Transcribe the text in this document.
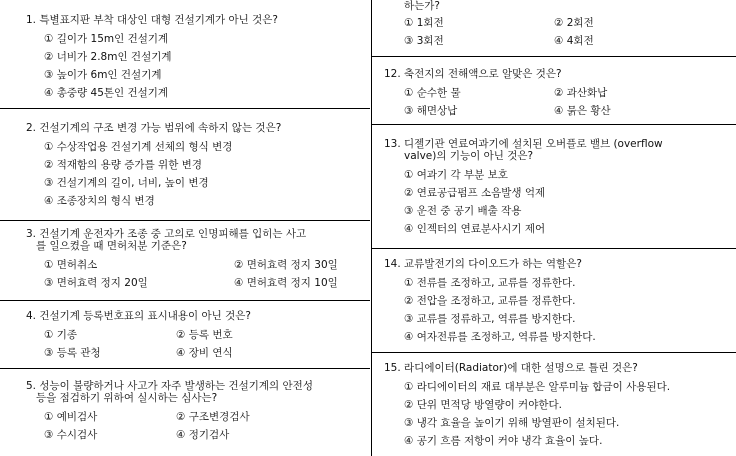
1. 특별표지판 부착 대상인 대형 건설기계가 아닌 것은?

① 길이가 15m인 건설기계
② 너비가 2.8m인 건설기계
③ 높이가 6m인 건설기계
④ 총중량 45톤인 건설기계

2. 건설기계의 구조 변경 가능 범위에 속하지 않는 것은?

① 수상작업용 건설기계 선체의 형식 변경
② 적재함의 용량 증가를 위한 변경
③ 건설기계의 길이, 너비, 높이 변경
④ 조종장치의 형식 변경

3. 건설기계 운전자가 조종 중 고의로 인명피해를 입히는 사고

를 일으켰을 때 면허처분 기준은?

① 면허취소	② 면허효력 정지 30일
③ 면허효력 정지 20일	④ 면허효력 정지 10일

4. 건설기계 등록번호표의 표시내용이 아닌 것은?

① 기종	② 등록 번호
③ 등록 관청	④ 장비 연식

5. 성능이 불량하거나 사고가 자주 발생하는 건설기계의 안전성

등을 점검하기 위하여 실시하는 심사는?

① 예비검사	② 구조변경검사
③ 수시검사	④ 정기검사

하는가?

① 1회전	② 2회전
③ 3회전	④ 4회전

12. 축전지의 전해액으로 알맞은 것은?

① 순수한 물	② 과산화납
③ 해면상납	④ 묽은 황산

13. 디젤기관 연료여과기에 설치된 오버플로 밸브 (overflow

valve)의 기능이 아닌 것은?

① 여과기 각 부분 보호
② 연료공급펌프 소음발생 억제
③ 운전 중 공기 배출 작용
④ 인젝터의 연료분사시기 제어

14. 교류발전기의 다이오드가 하는 역할은?

① 전류를 조정하고, 교류를 정류한다.
② 전압을 조정하고, 교류를 정류한다.
③ 교류를 정류하고, 역류를 방지한다.
④ 여자전류를 조정하고, 역류를 방지한다.

15. 라디에이터(Radiator)에 대한 설명으로 틀린 것은?

① 라디에이터의 재료 대부분은 알루미늄 합금이 사용된다.
② 단위 면적당 방열량이 커야한다.
③ 냉각 효율을 높이기 위해 방열판이 설치된다.
④ 공기 흐름 저항이 커야 냉각 효율이 높다.
